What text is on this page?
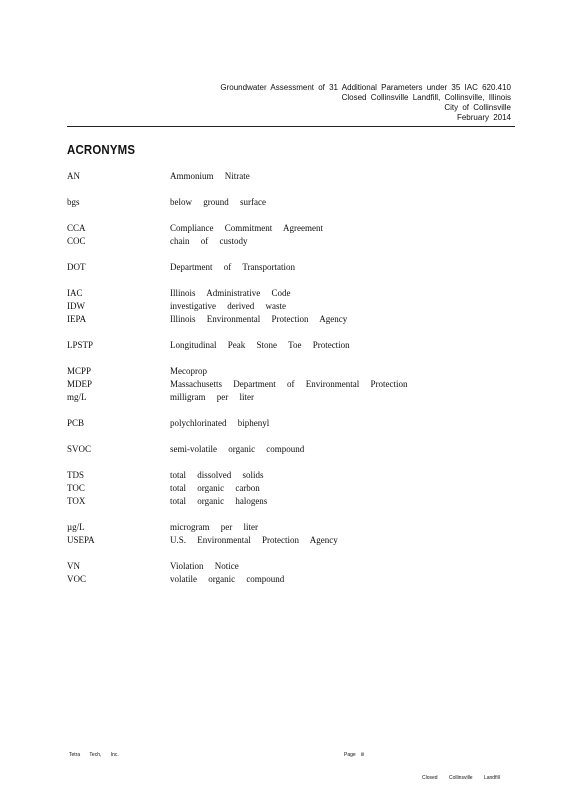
Groundwater Assessment of 31 Additional Parameters under 35 IAC 620.410
Closed Collinsville Landfill, Collinsville, Illinois
City of Collinsville
February 2014
ACRONYMS
AN	Ammonium Nitrate
bgs	below ground surface
CCA	Compliance Commitment Agreement
COC	chain of custody
DOT	Department of Transportation
IAC	Illinois Administrative Code
IDW	investigative derived waste
IEPA	Illinois Environmental Protection Agency
LPSTP	Longitudinal Peak Stone Toe Protection
MCPP	Mecoprop
MDEP	Massachusetts Department of Environmental Protection
mg/L	milligram per liter
PCB	polychlorinated biphenyl
SVOC	semi-volatile organic compound
TDS	total dissolved solids
TOC	total organic carbon
TOX	total organic halogens
µg/L	microgram per liter
USEPA	U.S. Environmental Protection Agency
VN	Violation Notice
VOC	volatile organic compound
Tetra Tech, Inc.	Page iii
Closed Collinsville Landfill
